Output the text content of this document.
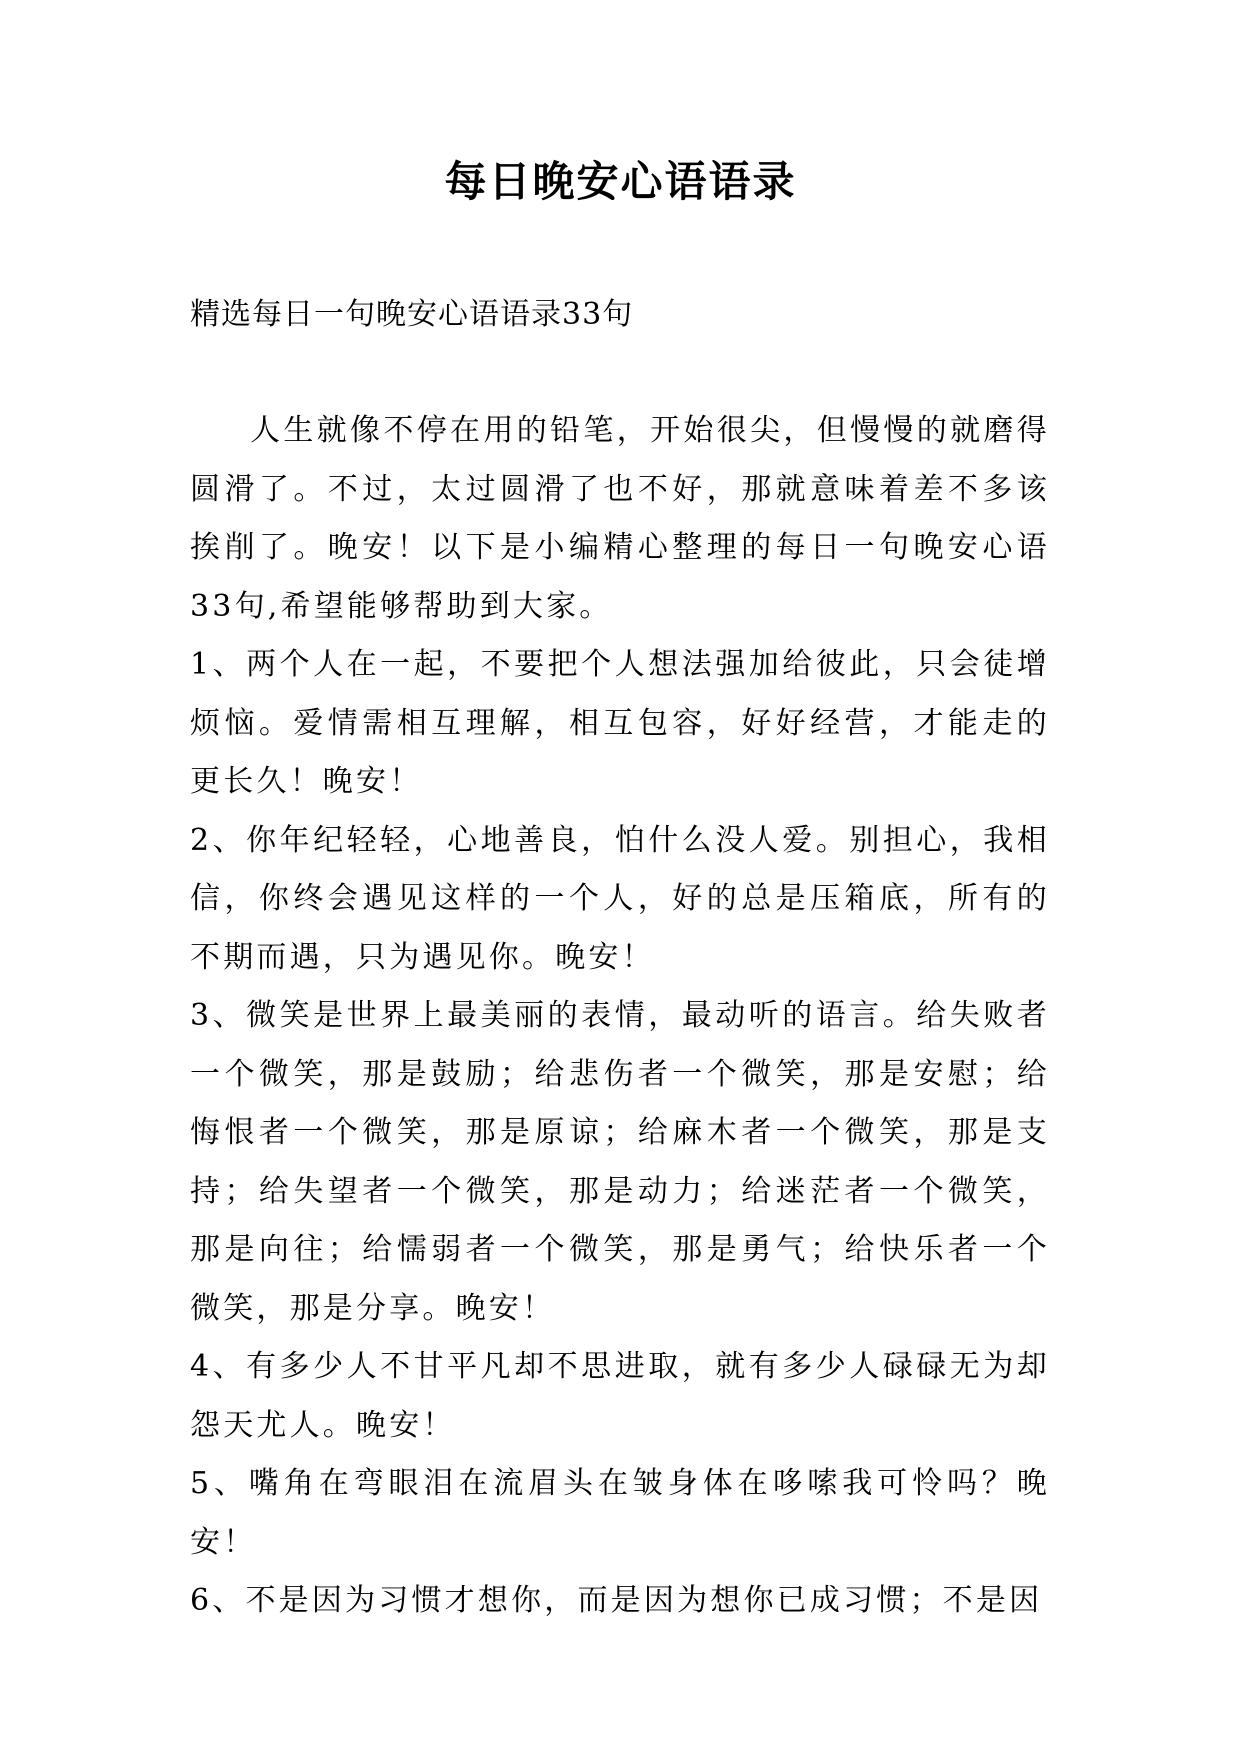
每日晚安心语语录
精选每日一句晚安心语语录33句

人生就像不停在用的铅笔，开始很尖，但慢慢的就磨得圆滑了。不过，太过圆滑了也不好，那就意味着差不多该挨削了。晚安！以下是小编精心整理的每日一句晚安心语33句,希望能够帮助到大家。

1、两个人在一起，不要把个人想法强加给彼此，只会徒增烦恼。爱情需相互理解，相互包容，好好经营，才能走的更长久！晚安！

2、你年纪轻轻，心地善良，怕什么没人爱。别担心，我相信，你终会遇见这样的一个人，好的总是压箱底，所有的不期而遇，只为遇见你。晚安！

3、微笑是世界上最美丽的表情，最动听的语言。给失败者一个微笑，那是鼓励；给悲伤者一个微笑，那是安慰；给悔恨者一个微笑，那是原谅；给麻木者一个微笑，那是支持；给失望者一个微笑，那是动力；给迷茫者一个微笑，那是向往；给懦弱者一个微笑，那是勇气；给快乐者一个微笑，那是分享。晚安！

4、有多少人不甘平凡却不思进取，就有多少人碌碌无为却怨天尤人。晚安！

5、嘴角在弯眼泪在流眉头在皱身体在哆嗦我可怜吗？晚安！

6、不是因为习惯才想你，而是因为想你已成习惯；不是因
